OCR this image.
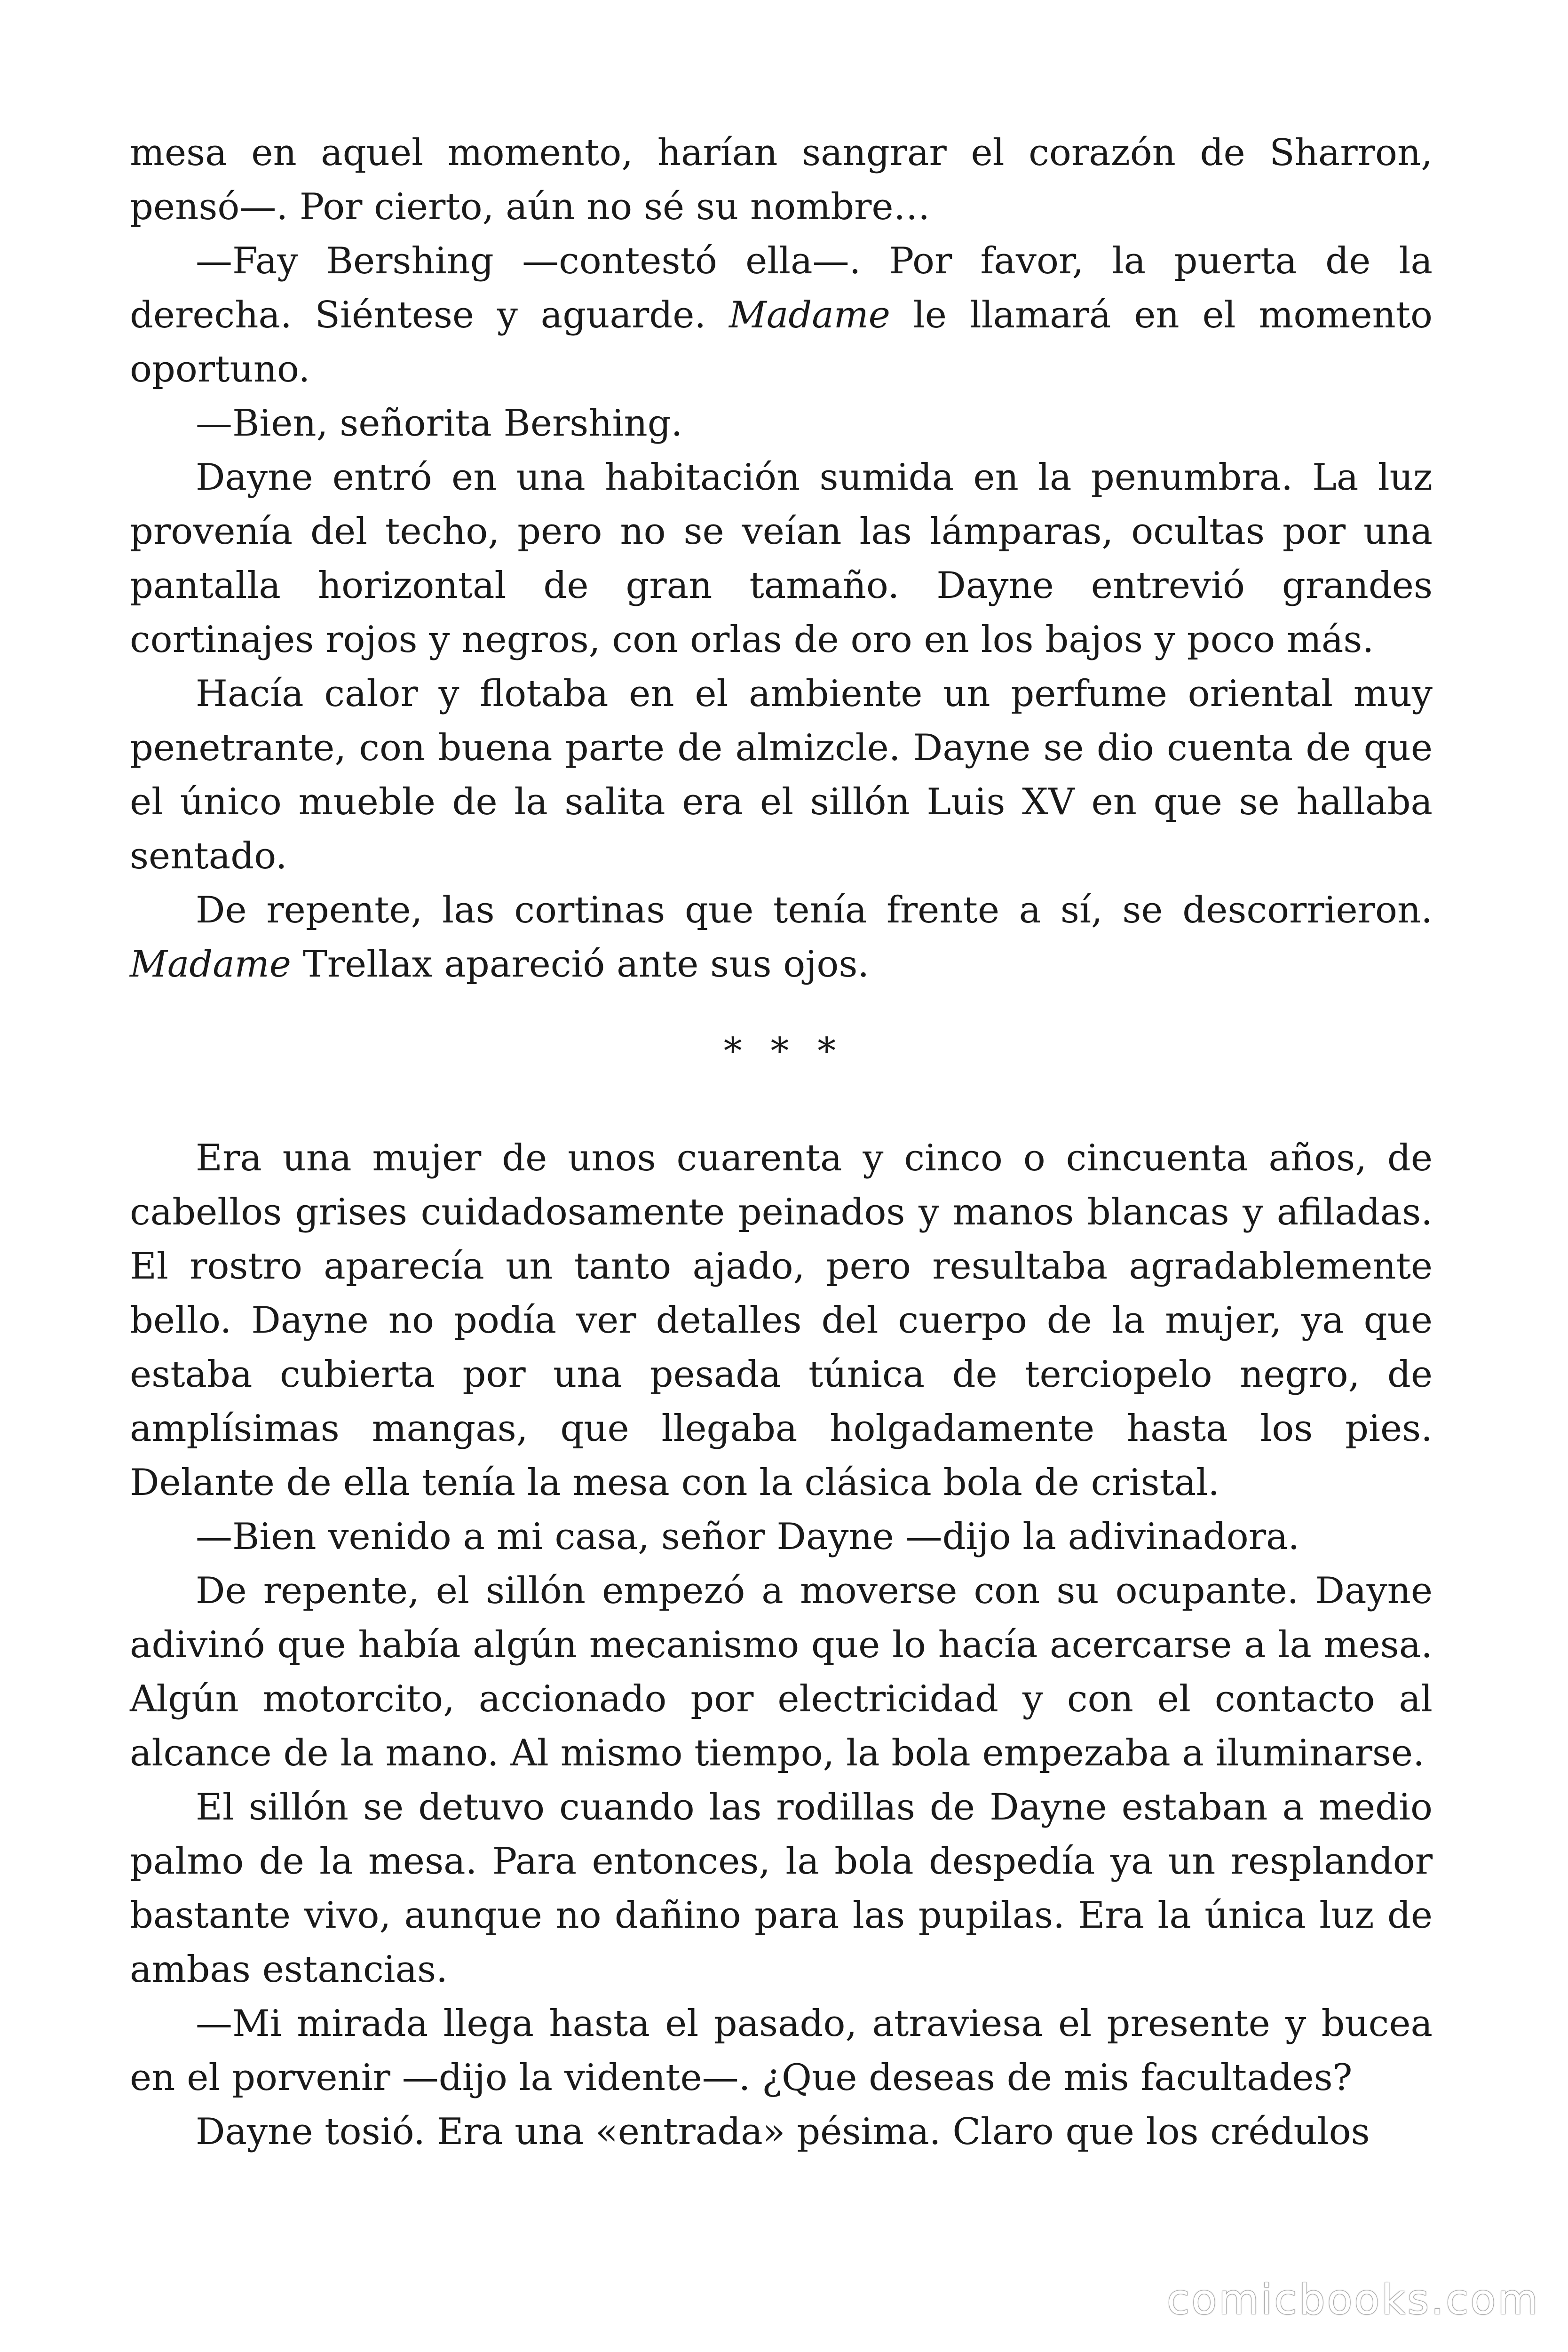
mesa en aquel momento, harían sangrar el corazón de Sharron, pensó—. Por cierto, aún no sé su nombre…

—Fay Bershing —contestó ella—. Por favor, la puerta de la derecha. Siéntese y aguarde. Madame le llamará en el momento oportuno.

—Bien, señorita Bershing.

Dayne entró en una habitación sumida en la penumbra. La luz provenía del techo, pero no se veían las lámparas, ocultas por una pantalla horizontal de gran tamaño. Dayne entrevió grandes cortinajes rojos y negros, con orlas de oro en los bajos y poco más.

Hacía calor y flotaba en el ambiente un perfume oriental muy penetrante, con buena parte de almizcle. Dayne se dio cuenta de que el único mueble de la salita era el sillón Luis XV en que se hallaba sentado.

De repente, las cortinas que tenía frente a sí, se descorrieron. Madame Trellax apareció ante sus ojos.

* * *

Era una mujer de unos cuarenta y cinco o cincuenta años, de cabellos grises cuidadosamente peinados y manos blancas y afiladas. El rostro aparecía un tanto ajado, pero resultaba agradablemente bello. Dayne no podía ver detalles del cuerpo de la mujer, ya que estaba cubierta por una pesada túnica de terciopelo negro, de amplísimas mangas, que llegaba holgadamente hasta los pies. Delante de ella tenía la mesa con la clásica bola de cristal.

—Bien venido a mi casa, señor Dayne —dijo la adivinadora.

De repente, el sillón empezó a moverse con su ocupante. Dayne adivinó que había algún mecanismo que lo hacía acercarse a la mesa. Algún motorcito, accionado por electricidad y con el contacto al alcance de la mano. Al mismo tiempo, la bola empezaba a iluminarse.

El sillón se detuvo cuando las rodillas de Dayne estaban a medio palmo de la mesa. Para entonces, la bola despedía ya un resplandor bastante vivo, aunque no dañino para las pupilas. Era la única luz de ambas estancias.

—Mi mirada llega hasta el pasado, atraviesa el presente y bucea en el porvenir —dijo la vidente—. ¿Que deseas de mis facultades?

Dayne tosió. Era una «entrada» pésima. Claro que los crédulos

comicbooks.com
